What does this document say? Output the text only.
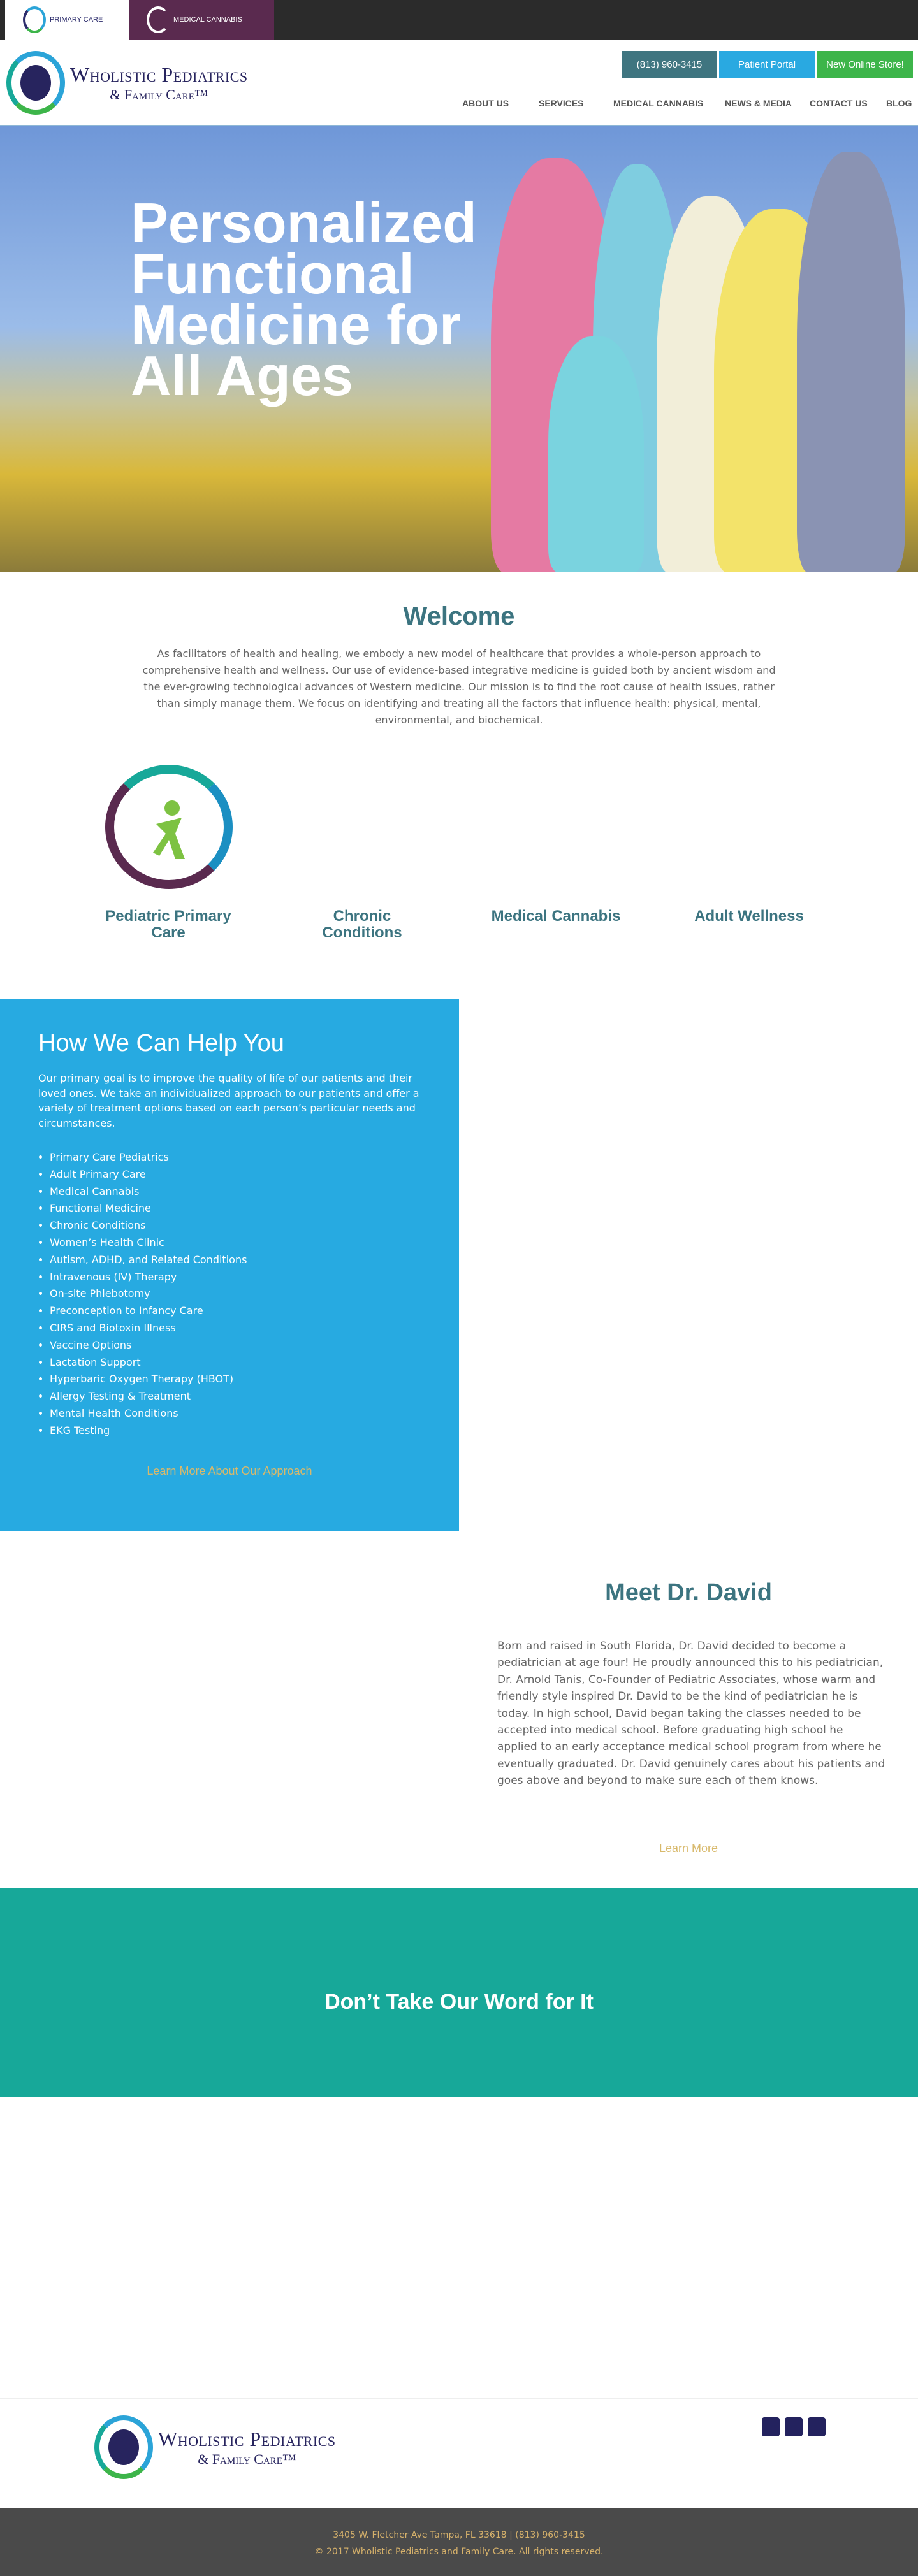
PRIMARY CARE	MEDICAL CANNABIS
Wholistic Pediatrics
& Family Care™
(813) 960-3415	Patient Portal	New Online Store!
ABOUT US	SERVICES	MEDICAL CANNABIS NEWS & MEDIA CONTACT US BLOG
Personalized Functional Medicine for All Ages
Welcome

As facilitators of health and healing, we embody a new model of healthcare that provides a whole-person approach to comprehensive health and wellness. Our use of evidence-based integrative medicine is guided both by ancient wisdom and the ever-growing technological advances of Western medicine. Our mission is to find the root cause of health issues, rather than simply manage them. We focus on identifying and treating all the factors that influence health: physical, mental, environmental, and biochemical.

Pediatric Primary Care
Chronic Conditions
Medical Cannabis	Adult Wellness
How We Can Help You

Our primary goal is to improve the quality of life of our patients and their loved ones. We take an individualized approach to our patients and offer a variety of treatment options based on each person’s particular needs and circumstances.

• Primary Care Pediatrics
• Adult Primary Care
• Medical Cannabis
• Functional Medicine
• Chronic Conditions
• Women’s Health Clinic
• Autism, ADHD, and Related Conditions
• Intravenous (IV) Therapy
• On-site Phlebotomy
• Preconception to Infancy Care
• CIRS and Biotoxin Illness
• Vaccine Options
• Lactation Support
• Hyperbaric Oxygen Therapy (HBOT)
• Allergy Testing & Treatment
• Mental Health Conditions
• EKG Testing
Learn More About Our Approach
Meet Dr. David

Born and raised in South Florida, Dr. David decided to become a pediatrician at age four! He proudly announced this to his pediatrician, Dr. Arnold Tanis, Co-Founder of Pediatric Associates, whose warm and friendly style inspired Dr. David to be the kind of pediatrician he is today. In high school, David began taking the classes needed to be accepted into medical school. Before graduating high school he applied to an early acceptance medical school program from where he eventually graduated. Dr. David genuinely cares about his patients and goes above and beyond to make sure each of them knows.

Learn More
Don’t Take Our Word for It
Wholistic Pediatrics
& Family Care™
3405 W. Fletcher Ave Tampa, FL 33618 | (813) 960-3415
© 2017 Wholistic Pediatrics and Family Care. All rights reserved.
